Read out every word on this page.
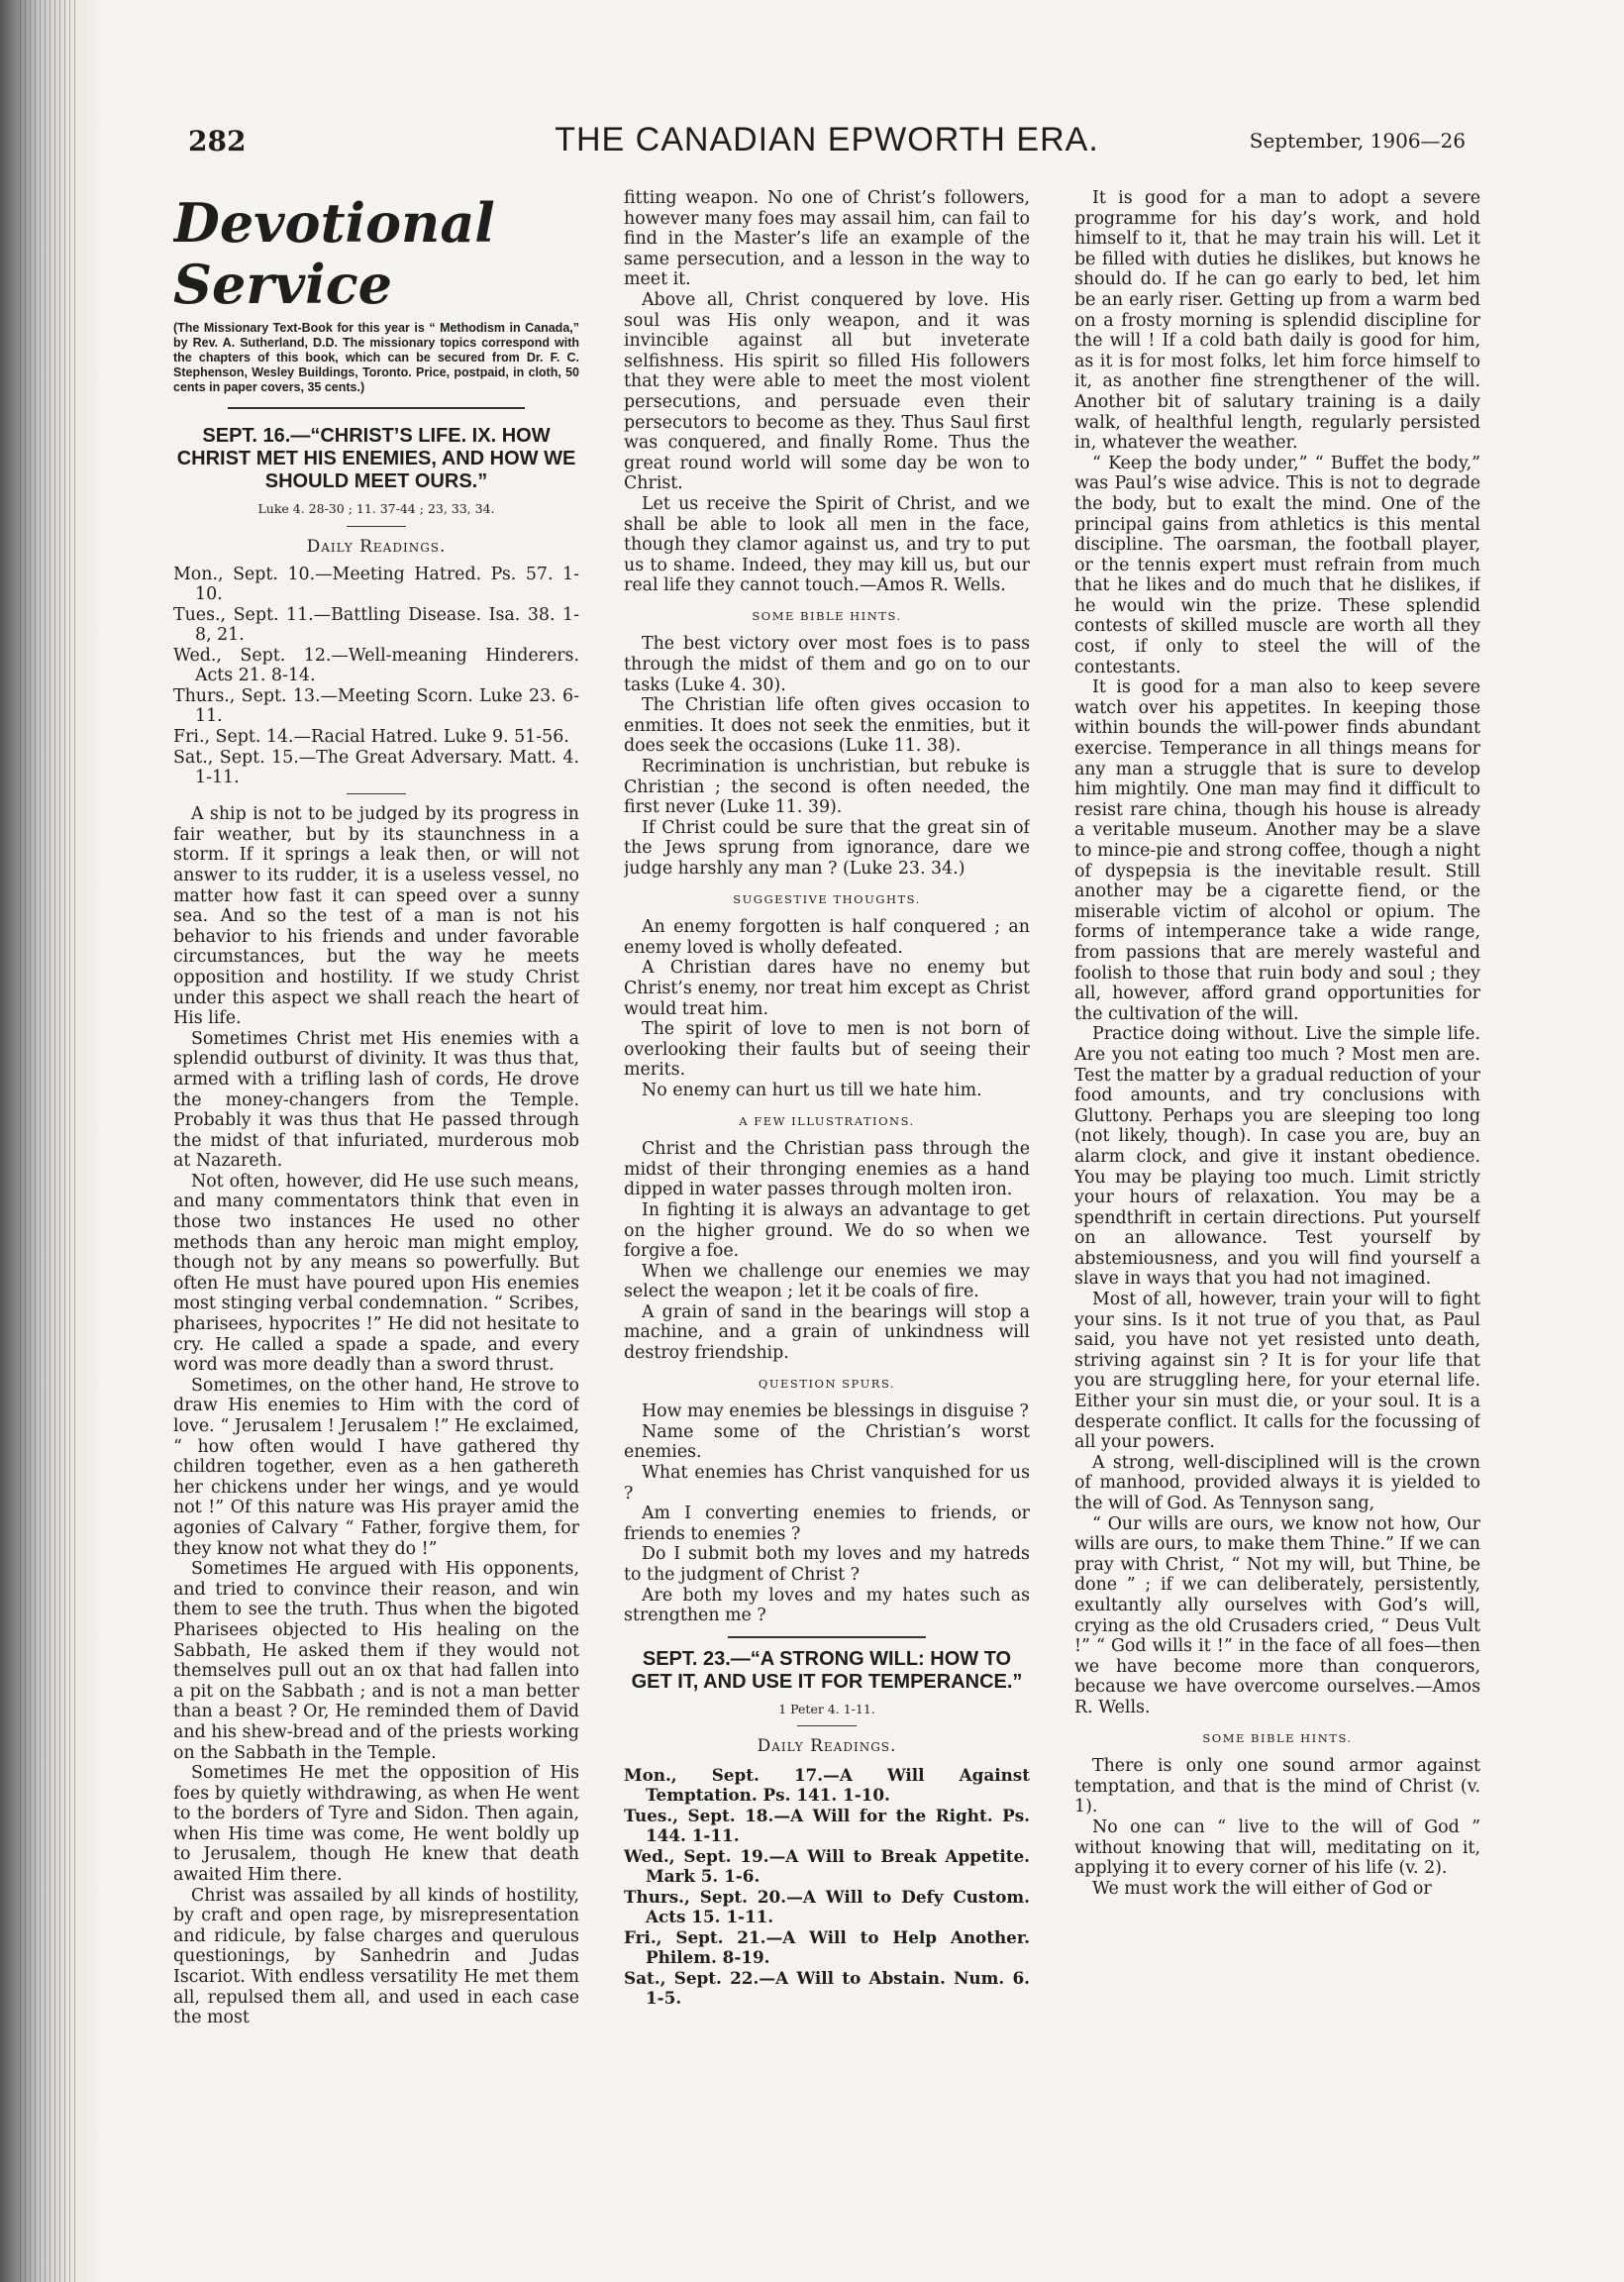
282	THE CANADIAN EPWORTH ERA.	September, 1906—26
Devotional Service
(The Missionary Text-Book for this year is “ Methodism in Canada,” by Rev. A. Sutherland, D.D. The missionary topics correspond with the chapters of this book, which can be secured from Dr. F. C. Stephenson, Wesley Buildings, Toronto. Price, postpaid, in cloth, 50 cents in paper covers, 35 cents.)
SEPT. 16.—“CHRIST’S LIFE. IX. HOW CHRIST MET HIS ENEMIES, AND HOW WE SHOULD MEET OURS.”
Luke 4. 28-30 ; 11. 37-44 ; 23, 33, 34.
Daily Readings.

Mon., Sept. 10.—Meeting Hatred. Ps. 57. 1-10.

Tues., Sept. 11.—Battling Disease. Isa. 38. 1-8, 21.

Wed., Sept. 12.—Well-meaning Hinderers. Acts 21. 8-14.

Thurs., Sept. 13.—Meeting Scorn. Luke 23. 6-11.

Fri., Sept. 14.—Racial Hatred. Luke 9. 51-56.

Sat., Sept. 15.—The Great Adversary. Matt. 4. 1-11.

A ship is not to be judged by its progress in fair weather, but by its staunchness in a storm. If it springs a leak then, or will not answer to its rudder, it is a useless vessel, no matter how fast it can speed over a sunny sea. And so the test of a man is not his behavior to his friends and under favorable circumstances, but the way he meets opposition and hostility. If we study Christ under this aspect we shall reach the heart of His life.

Sometimes Christ met His enemies with a splendid outburst of divinity. It was thus that, armed with a trifling lash of cords, He drove the money-changers from the Temple. Probably it was thus that He passed through the midst of that infuriated, murderous mob at Nazareth.

Not often, however, did He use such means, and many commentators think that even in those two instances He used no other methods than any heroic man might employ, though not by any means so powerfully. But often He must have poured upon His enemies most stinging verbal condemnation. “ Scribes, pharisees, hypocrites !” He did not hesitate to cry. He called a spade a spade, and every word was more deadly than a sword thrust.

Sometimes, on the other hand, He strove to draw His enemies to Him with the cord of love. “ Jerusalem ! Jerusalem !” He exclaimed, “ how often would I have gathered thy children together, even as a hen gathereth her chickens under her wings, and ye would not !” Of this nature was His prayer amid the agonies of Calvary “ Father, forgive them, for they know not what they do !”

Sometimes He argued with His opponents, and tried to convince their reason, and win them to see the truth. Thus when the bigoted Pharisees objected to His healing on the Sabbath, He asked them if they would not themselves pull out an ox that had fallen into a pit on the Sabbath ; and is not a man better than a beast ? Or, He reminded them of David and his shew-bread and of the priests working on the Sabbath in the Temple.

Sometimes He met the opposition of His foes by quietly withdrawing, as when He went to the borders of Tyre and Sidon. Then again, when His time was come, He went boldly up to Jerusalem, though He knew that death awaited Him there.

Christ was assailed by all kinds of hostility, by craft and open rage, by misrepresentation and ridicule, by false charges and querulous questionings, by Sanhedrin and Judas Iscariot. With endless versatility He met them all, repulsed them all, and used in each case the most

fitting weapon. No one of Christ’s followers, however many foes may assail him, can fail to find in the Master’s life an example of the same persecution, and a lesson in the way to meet it.

Above all, Christ conquered by love. His soul was His only weapon, and it was invincible against all but inveterate selfishness. His spirit so filled His followers that they were able to meet the most violent persecutions, and persuade even their persecutors to become as they. Thus Saul first was conquered, and finally Rome. Thus the great round world will some day be won to Christ.

Let us receive the Spirit of Christ, and we shall be able to look all men in the face, though they clamor against us, and try to put us to shame. Indeed, they may kill us, but our real life they cannot touch.—Amos R. Wells.

SOME BIBLE HINTS.

The best victory over most foes is to pass through the midst of them and go on to our tasks (Luke 4. 30).

The Christian life often gives occasion to enmities. It does not seek the enmities, but it does seek the occasions (Luke 11. 38).

Recrimination is unchristian, but rebuke is Christian ; the second is often needed, the first never (Luke 11. 39).

If Christ could be sure that the great sin of the Jews sprung from ignorance, dare we judge harshly any man ? (Luke 23. 34.)

SUGGESTIVE THOUGHTS.

An enemy forgotten is half conquered ; an enemy loved is wholly defeated.

A Christian dares have no enemy but Christ’s enemy, nor treat him except as Christ would treat him.

The spirit of love to men is not born of overlooking their faults but of seeing their merits.

No enemy can hurt us till we hate him.

A FEW ILLUSTRATIONS.

Christ and the Christian pass through the midst of their thronging enemies as a hand dipped in water passes through molten iron.

In fighting it is always an advantage to get on the higher ground. We do so when we forgive a foe.

When we challenge our enemies we may select the weapon ; let it be coals of fire.

A grain of sand in the bearings will stop a machine, and a grain of unkindness will destroy friendship.

QUESTION SPURS.

How may enemies be blessings in disguise ?

Name some of the Christian’s worst enemies.

What enemies has Christ vanquished for us ?

Am I converting enemies to friends, or friends to enemies ?

Do I submit both my loves and my hatreds to the judgment of Christ ?

Are both my loves and my hates such as strengthen me ?

SEPT. 23.—“A STRONG WILL: HOW TO GET IT, AND USE IT FOR TEMPERANCE.”
1 Peter 4. 1-11.
Daily Readings.

Mon., Sept. 17.—A Will Against Temptation. Ps. 141. 1-10.

Tues., Sept. 18.—A Will for the Right. Ps. 144. 1-11.

Wed., Sept. 19.—A Will to Break Appetite. Mark 5. 1-6.

Thurs., Sept. 20.—A Will to Defy Custom. Acts 15. 1-11.

Fri., Sept. 21.—A Will to Help Another. Philem. 8-19.

Sat., Sept. 22.—A Will to Abstain. Num. 6. 1-5.

It is good for a man to adopt a severe programme for his day’s work, and hold himself to it, that he may train his will. Let it be filled with duties he dislikes, but knows he should do. If he can go early to bed, let him be an early riser. Getting up from a warm bed on a frosty morning is splendid discipline for the will ! If a cold bath daily is good for him, as it is for most folks, let him force himself to it, as another fine strengthener of the will. Another bit of salutary training is a daily walk, of healthful length, regularly persisted in, whatever the weather.

“ Keep the body under,” “ Buffet the body,” was Paul’s wise advice. This is not to degrade the body, but to exalt the mind. One of the principal gains from athletics is this mental discipline. The oarsman, the football player, or the tennis expert must refrain from much that he likes and do much that he dislikes, if he would win the prize. These splendid contests of skilled muscle are worth all they cost, if only to steel the will of the contestants.

It is good for a man also to keep severe watch over his appetites. In keeping those within bounds the will-power finds abundant exercise. Temperance in all things means for any man a struggle that is sure to develop him mightily. One man may find it difficult to resist rare china, though his house is already a veritable museum. Another may be a slave to mince-pie and strong coffee, though a night of dyspepsia is the inevitable result. Still another may be a cigarette fiend, or the miserable victim of alcohol or opium. The forms of intemperance take a wide range, from passions that are merely wasteful and foolish to those that ruin body and soul ; they all, however, afford grand opportunities for the cultivation of the will.

Practice doing without. Live the simple life. Are you not eating too much ? Most men are. Test the matter by a gradual reduction of your food amounts, and try conclusions with Gluttony. Perhaps you are sleeping too long (not likely, though). In case you are, buy an alarm clock, and give it instant obedience. You may be playing too much. Limit strictly your hours of relaxation. You may be a spendthrift in certain directions. Put yourself on an allowance. Test yourself by abstemiousness, and you will find yourself a slave in ways that you had not imagined.

Most of all, however, train your will to fight your sins. Is it not true of you that, as Paul said, you have not yet resisted unto death, striving against sin ? It is for your life that you are struggling here, for your eternal life. Either your sin must die, or your soul. It is a desperate conflict. It calls for the focussing of all your powers.

A strong, well-disciplined will is the crown of manhood, provided always it is yielded to the will of God. As Tennyson sang,

“ Our wills are ours, we know not how, Our wills are ours, to make them Thine.” If we can pray with Christ, “ Not my will, but Thine, be done ” ; if we can deliberately, persistently, exultantly ally ourselves with God’s will, crying as the old Crusaders cried, “ Deus Vult !” “ God wills it !” in the face of all foes—then we have become more than conquerors, because we have overcome ourselves.—Amos R. Wells.

SOME BIBLE HINTS.

There is only one sound armor against temptation, and that is the mind of Christ (v. 1).

No one can “ live to the will of God ” without knowing that will, meditating on it, applying it to every corner of his life (v. 2).

We must work the will either of God or
